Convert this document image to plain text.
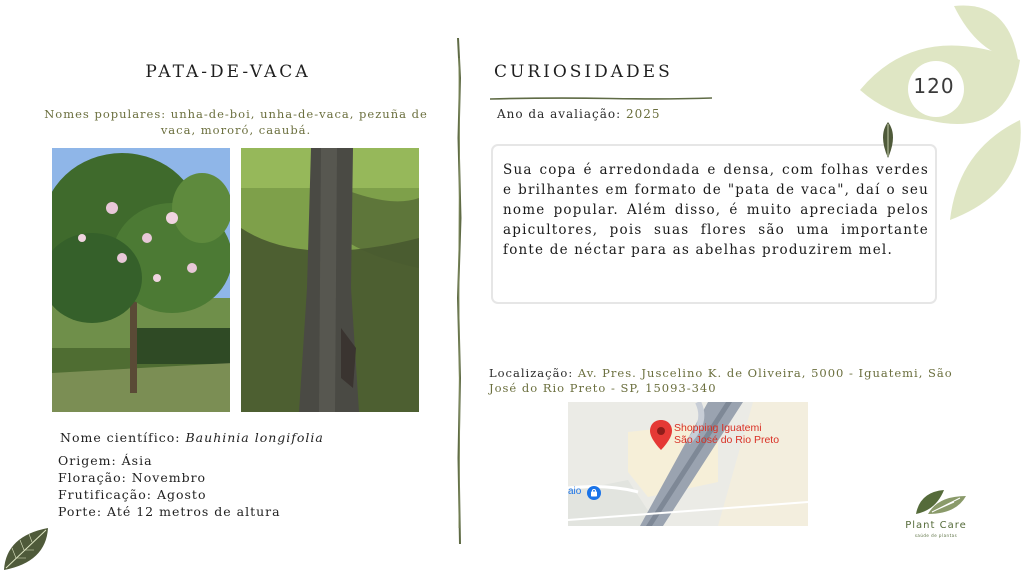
PATA-DE-VACA
Nomes populares: unha-de-boi, unha-de-vaca, pezuña de vaca, mororó, caaubá.
Nome científico: Bauhinia longifolia
Origem: Ásia
Floração: Novembro
Frutificação: Agosto
Porte: Até 12 metros de altura
CURIOSIDADES
Ano da avaliação: 2025
Sua copa é arredondada e densa, com folhas verdes e brilhantes em formato de "pata de vaca", daí o seu nome popular. Além disso, é muito apreciada pelos apicultores, pois suas flores são uma importante fonte de néctar para as abelhas produzirem mel.
Localização: Av. Pres. Juscelino K. de Oliveira, 5000 - Iguatemi, São José do Rio Preto - SP, 15093-340
Shopping Iguatemi
São José do Rio Preto
aio
120
Plant Care
saúde de plantas
